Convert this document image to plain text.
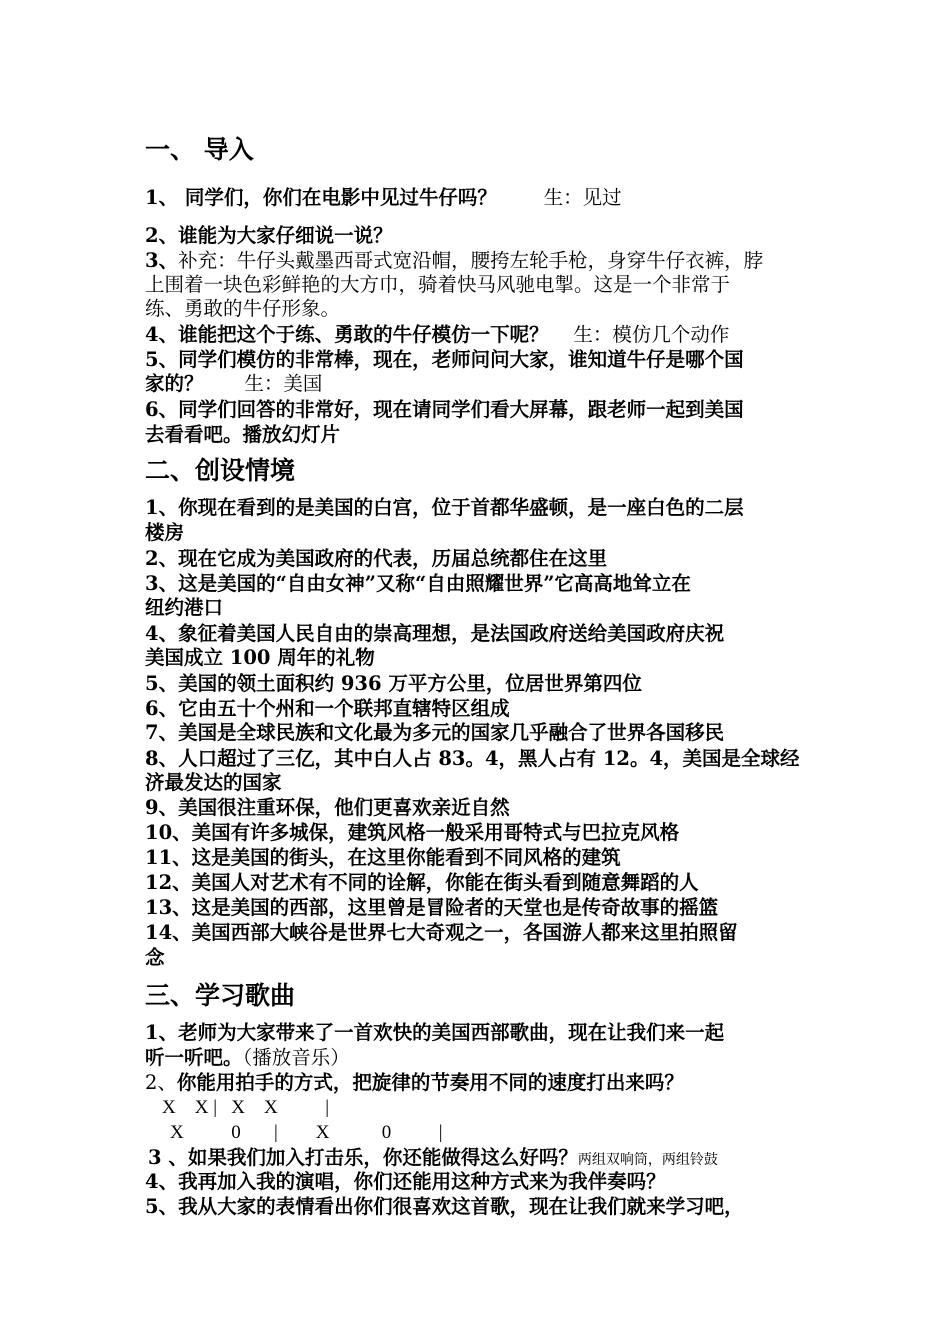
一、 导入
1、 同学们，你们在电影中见过牛仔吗？ 生：见过
2、谁能为大家仔细说一说？
3、补充：牛仔头戴墨西哥式宽沿帽，腰挎左轮手枪，身穿牛仔衣裤，脖
上围着一块色彩鲜艳的大方巾，骑着快马风驰电掣。这是一个非常于
练、勇敢的牛仔形象。
4、谁能把这个于练、勇敢的牛仔模仿一下呢？ 生：模仿几个动作
5、同学们模仿的非常棒，现在，老师问问大家，谁知道牛仔是哪个国
家的？ 生：美国
6、同学们回答的非常好，现在请同学们看大屏幕，跟老师一起到美国
去看看吧。播放幻灯片
二、创设情境
1、你现在看到的是美国的白宫，位于首都华盛顿，是一座白色的二层
楼房
2、现在它成为美国政府的代表，历届总统都住在这里
3、这是美国的“自由女神”又称“自由照耀世界”它高高地耸立在
纽约港口
4、象征着美国人民自由的崇高理想，是法国政府送给美国政府庆祝
美国成立 100 周年的礼物
5、美国的领土面积约 936 万平方公里，位居世界第四位
6、它由五十个州和一个联邦直辖特区组成
7、美国是全球民族和文化最为多元的国家几乎融合了世界各国移民
8、人口超过了三亿，其中白人占 83。4，黑人占有 12。4，美国是全球经
济最发达的国家
9、美国很注重环保，他们更喜欢亲近自然
10、美国有许多城保，建筑风格一般采用哥特式与巴拉克风格
11、这是美国的街头，在这里你能看到不同风格的建筑
12、美国人对艺术有不同的诠解，你能在街头看到随意舞蹈的人
13、这是美国的西部，这里曾是冒险者的天堂也是传奇故事的摇篮
14、美国西部大峡谷是世界七大奇观之一，各国游人都来这里拍照留
念
三、学习歌曲
1、老师为大家带来了一首欢快的美国西部歌曲，现在让我们来一起
听一听吧。（播放音乐）
2、你能用拍手的方式，把旋律的节奏用不同的速度打出来吗？
X    X |   X    X          |
X          0       |        X           0          |
3 、如果我们加入打击乐，你还能做得这么好吗？两组双响筒，两组铃鼓
4、我再加入我的演唱，你们还能用这种方式来为我伴奏吗？
5、我从大家的表情看出你们很喜欢这首歌，现在让我们就来学习吧，
